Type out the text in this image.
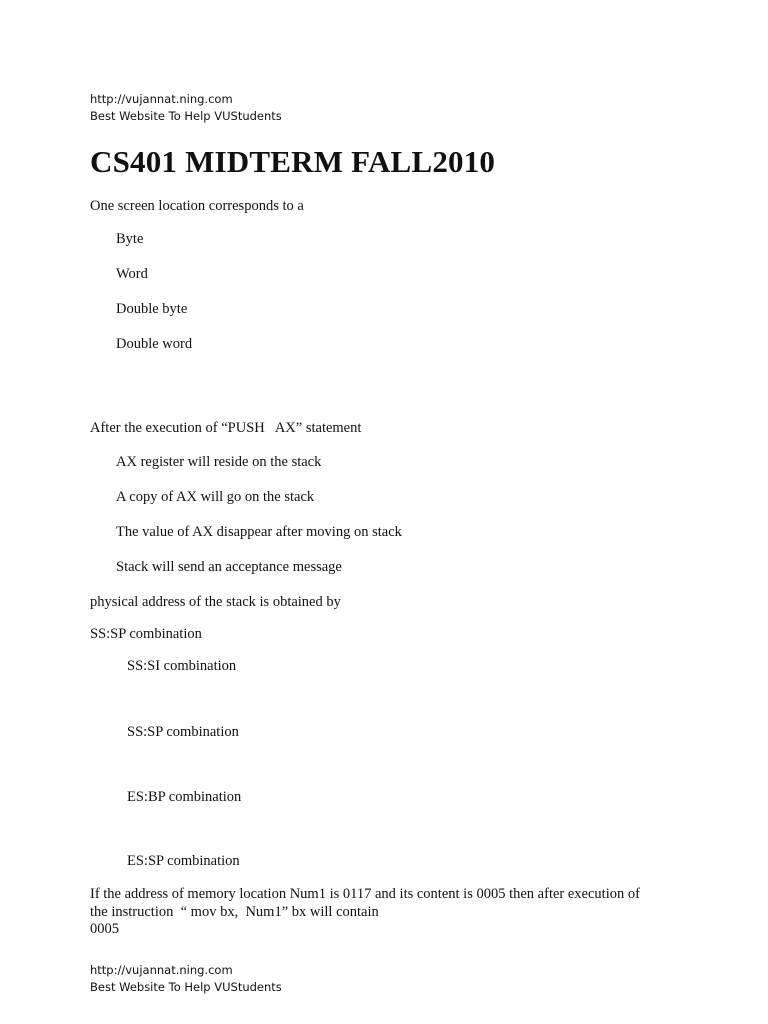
http://vujannat.ning.com
Best Website To Help VUStudents
CS401 MIDTERM FALL2010
One screen location corresponds to a
Byte
Word
Double byte
Double word
After the execution of “PUSH   AX” statement
AX register will reside on the stack
A copy of AX will go on the stack
The value of AX disappear after moving on stack
Stack will send an acceptance message
physical address of the stack is obtained by
SS:SP combination
SS:SI combination
SS:SP combination
ES:BP combination
ES:SP combination
If the address of memory location Num1 is 0117 and its content is 0005 then after execution of
the instruction  “ mov bx,  Num1” bx will contain
0005
http://vujannat.ning.com
Best Website To Help VUStudents
